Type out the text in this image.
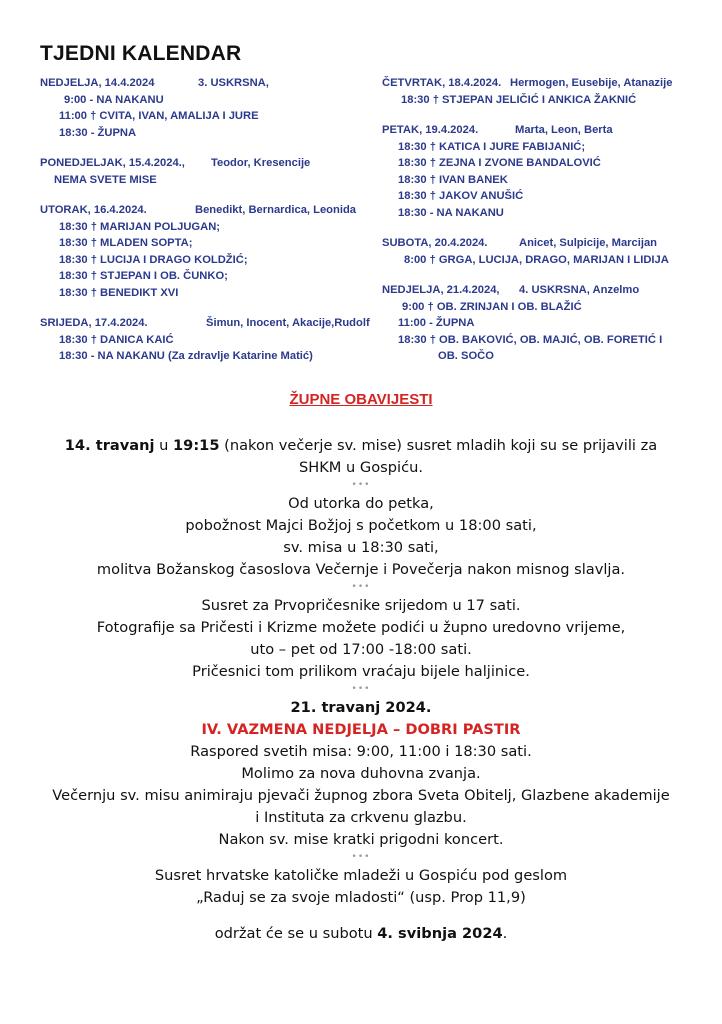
TJEDNI KALENDAR
NEDJELJA, 14.4.2024	3. USKRSNA,
9:00 - NA NAKANU
11:00 † CVITA, IVAN, AMALIJA I JURE
18:30 - ŽUPNA
PONEDJELJAK, 15.4.2024., Teodor, Kresencije
NEMA SVETE MISE
UTORAK, 16.4.2024.	Benedikt, Bernardica, Leonida
18:30 † MARIJAN POLJUGAN;
18:30 † MLADEN SOPTA;
18:30 † LUCIJA I DRAGO KOLDŽIĆ;
18:30 † STJEPAN I OB. ČUNKO;
18:30 † BENEDIKT XVI
SRIJEDA, 17.4.2024.	Šimun, Inocent, Akacije,Rudolf
18:30 † DANICA KAIĆ
18:30 - NA NAKANU (Za zdravlje Katarine Matić)
ČETVRTAK, 18.4.2024. Hermogen, Eusebije, Atanazije
18:30 † STJEPAN JELIČIĆ I ANKICA ŽAKNIĆ
PETAK, 19.4.2024.	Marta, Leon, Berta
18:30 † KATICA I JURE FABIJANIĆ;
18:30 † ZEJNA I ZVONE BANDALOVIĆ
18:30 † IVAN BANEK
18:30 † JAKOV ANUŠIĆ
18:30 - NA NAKANU
SUBOTA, 20.4.2024.	Anicet, Sulpicije, Marcijan
8:00 † GRGA, LUCIJA, DRAGO, MARIJAN I LIDIJA
NEDJELJA, 21.4.2024, 4. USKRSNA, Anzelmo
9:00 † OB. ZRINJAN I OB. BLAŽIĆ
11:00 - ŽUPNA
18:30 † OB. BAKOVIĆ, OB. MAJIĆ, OB. FORETIĆ I
OB. SOČO
ŽUPNE OBAVIJESTI

14. travanj u 19:15 (nakon večerje sv. mise) susret mladih koji su se prijavili za

SHKM u Gospiću.

•••

Od utorka do petka,

pobožnost Majci Božjoj s početkom u 18:00 sati,

sv. misa u 18:30 sati,

molitva Božanskog časoslova Večernje i Povečerja nakon misnog slavlja.

•••

Susret za Prvopričesnike srijedom u 17 sati.

Fotografije sa Pričesti i Krizme možete podići u župno uredovno vrijeme,

uto – pet od 17:00 -18:00 sati.

Pričesnici tom prilikom vraćaju bijele haljinice.

•••

21. travanj 2024.

IV. VAZMENA NEDJELJA – DOBRI PASTIR

Raspored svetih misa: 9:00, 11:00 i 18:30 sati.

Molimo za nova duhovna zvanja.

Večernju sv. misu animiraju pjevači župnog zbora Sveta Obitelj, Glazbene akademije

i Instituta za crkvenu glazbu.

Nakon sv. mise kratki prigodni koncert.

•••

Susret hrvatske katoličke mladeži u Gospiću pod geslom

„Raduj se za svoje mladosti“ (usp. Prop 11,9)

održat će se u subotu 4. svibnja 2024.
